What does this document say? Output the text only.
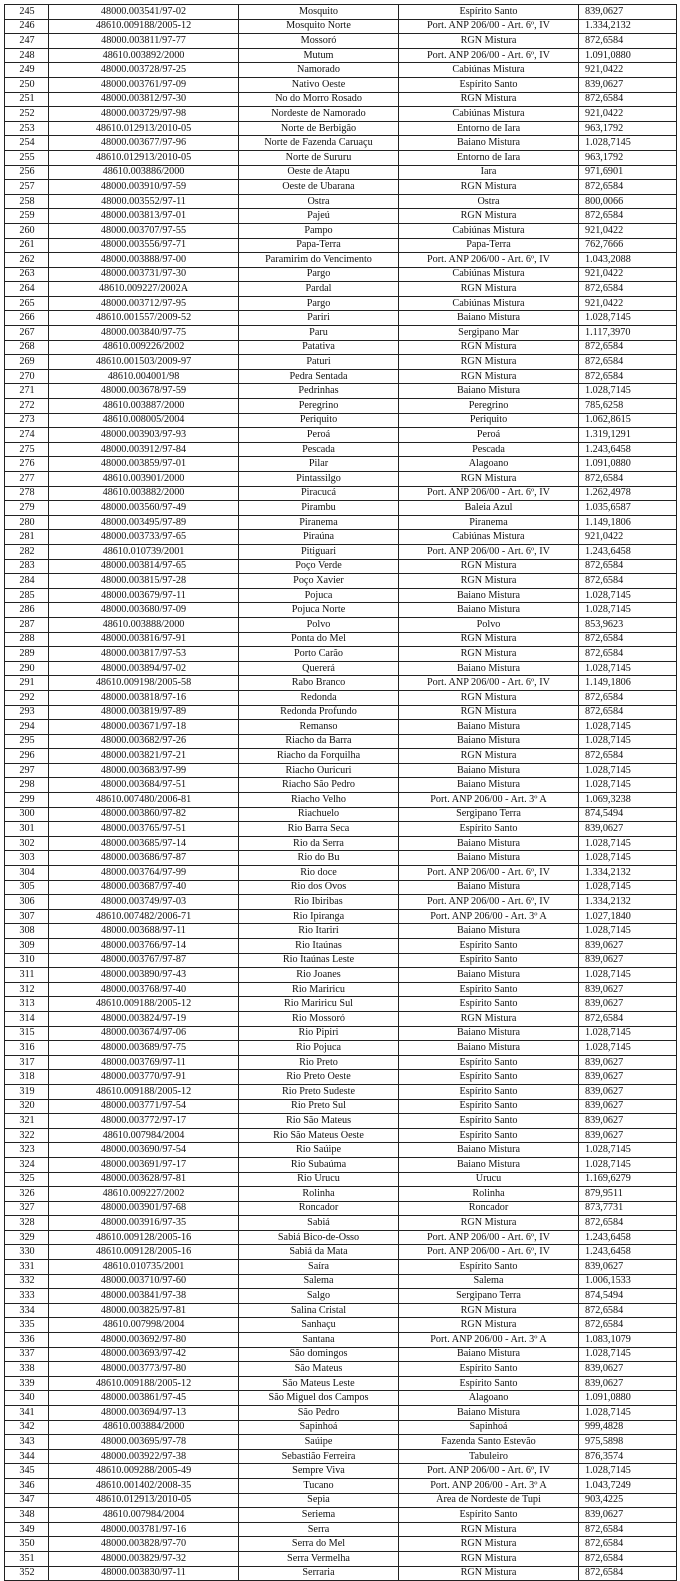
245	48000.003541/97-02	Mosquito	Espírito Santo	839,0627
246	48610.009188/2005-12	Mosquito Norte	Port. ANP 206/00 - Art. 6º, IV	1.334,2132
247	48000.003811/97-77	Mossoró	RGN Mistura	872,6584
248	48610.003892/2000	Mutum	Port. ANP 206/00 - Art. 6º, IV	1.091,0880
249	48000.003728/97-25	Namorado	Cabiúnas Mistura	921,0422
250	48000.003761/97-09	Nativo Oeste	Espírito Santo	839,0627
251	48000.003812/97-30	No do Morro Rosado	RGN Mistura	872,6584
252	48000.003729/97-98	Nordeste de Namorado	Cabiúnas Mistura	921,0422
253	48610.012913/2010-05	Norte de Berbigão	Entorno de Iara	963,1792
254	48000.003677/97-96	Norte de Fazenda Caruaçu	Baiano Mistura	1.028,7145
255	48610.012913/2010-05	Norte de Sururu	Entorno de Iara	963,1792
256	48610.003886/2000	Oeste de Atapu	Iara	971,6901
257	48000.003910/97-59	Oeste de Ubarana	RGN Mistura	872,6584
258	48000.003552/97-11	Ostra	Ostra	800,0066
259	48000.003813/97-01	Pajeú	RGN Mistura	872,6584
260	48000.003707/97-55	Pampo	Cabiúnas Mistura	921,0422
261	48000.003556/97-71	Papa-Terra	Papa-Terra	762,7666
262	48000.003888/97-00	Paramirim do Vencimento	Port. ANP 206/00 - Art. 6º, IV	1.043,2088
263	48000.003731/97-30	Pargo	Cabiúnas Mistura	921,0422
264	48610.009227/2002A	Pardal	RGN Mistura	872,6584
265	48000.003712/97-95	Pargo	Cabiúnas Mistura	921,0422
266	48610.001557/2009-52	Pariri	Baiano Mistura	1.028,7145
267	48000.003840/97-75	Paru	Sergipano Mar	1.117,3970
268	48610.009226/2002	Patativa	RGN Mistura	872,6584
269	48610.001503/2009-97	Paturi	RGN Mistura	872,6584
270	48610.004001/98	Pedra Sentada	RGN Mistura	872,6584
271	48000.003678/97-59	Pedrinhas	Baiano Mistura	1.028,7145
272	48610.003887/2000	Peregrino	Peregrino	785,6258
273	48610.008005/2004	Periquito	Periquito	1.062,8615
274	48000.003903/97-93	Peroá	Peroá	1.319,1291
275	48000.003912/97-84	Pescada	Pescada	1.243,6458
276	48000.003859/97-01	Pilar	Alagoano	1.091,0880
277	48610.003901/2000	Pintassilgo	RGN Mistura	872,6584
278	48610.003882/2000	Piracucá	Port. ANP 206/00 - Art. 6º, IV	1.262,4978
279	48000.003560/97-49	Pirambu	Baleia Azul	1.035,6587
280	48000.003495/97-89	Piranema	Piranema	1.149,1806
281	48000.003733/97-65	Piraúna	Cabiúnas Mistura	921,0422
282	48610.010739/2001	Pitiguari	Port. ANP 206/00 - Art. 6º, IV	1.243,6458
283	48000.003814/97-65	Poço Verde	RGN Mistura	872,6584
284	48000.003815/97-28	Poço Xavier	RGN Mistura	872,6584
285	48000.003679/97-11	Pojuca	Baiano Mistura	1.028,7145
286	48000.003680/97-09	Pojuca Norte	Baiano Mistura	1.028,7145
287	48610.003888/2000	Polvo	Polvo	853,9623
288	48000.003816/97-91	Ponta do Mel	RGN Mistura	872,6584
289	48000.003817/97-53	Porto Carão	RGN Mistura	872,6584
290	48000.003894/97-02	Quererá	Baiano Mistura	1.028,7145
291	48610.009198/2005-58	Rabo Branco	Port. ANP 206/00 - Art. 6º, IV	1.149,1806
292	48000.003818/97-16	Redonda	RGN Mistura	872,6584
293	48000.003819/97-89	Redonda Profundo	RGN Mistura	872,6584
294	48000.003671/97-18	Remanso	Baiano Mistura	1.028,7145
295	48000.003682/97-26	Riacho da Barra	Baiano Mistura	1.028,7145
296	48000.003821/97-21	Riacho da Forquilha	RGN Mistura	872,6584
297	48000.003683/97-99	Riacho Ouricuri	Baiano Mistura	1.028,7145
298	48000.003684/97-51	Riacho São Pedro	Baiano Mistura	1.028,7145
299	48610.007480/2006-81	Riacho Velho	Port. ANP 206/00 - Art. 3º A	1.069,3238
300	48000.003860/97-82	Riachuelo	Sergipano Terra	874,5494
301	48000.003765/97-51	Rio Barra Seca	Espírito Santo	839,0627
302	48000.003685/97-14	Rio da Serra	Baiano Mistura	1.028,7145
303	48000.003686/97-87	Rio do Bu	Baiano Mistura	1.028,7145
304	48000.003764/97-99	Rio doce	Port. ANP 206/00 - Art. 6º, IV	1.334,2132
305	48000.003687/97-40	Rio dos Ovos	Baiano Mistura	1.028,7145
306	48000.003749/97-03	Rio Ibiribas	Port. ANP 206/00 - Art. 6º, IV	1.334,2132
307	48610.007482/2006-71	Rio Ipiranga	Port. ANP 206/00 - Art. 3º A	1.027,1840
308	48000.003688/97-11	Rio Itariri	Baiano Mistura	1.028,7145
309	48000.003766/97-14	Rio Itaúnas	Espírito Santo	839,0627
310	48000.003767/97-87	Rio Itaúnas Leste	Espírito Santo	839,0627
311	48000.003890/97-43	Rio Joanes	Baiano Mistura	1.028,7145
312	48000.003768/97-40	Rio Mariricu	Espírito Santo	839,0627
313	48610.009188/2005-12	Rio Mariricu Sul	Espírito Santo	839,0627
314	48000.003824/97-19	Rio Mossoró	RGN Mistura	872,6584
315	48000.003674/97-06	Rio Pipiri	Baiano Mistura	1.028,7145
316	48000.003689/97-75	Rio Pojuca	Baiano Mistura	1.028,7145
317	48000.003769/97-11	Rio Preto	Espírito Santo	839,0627
318	48000.003770/97-91	Rio Preto Oeste	Espírito Santo	839,0627
319	48610.009188/2005-12	Rio Preto Sudeste	Espírito Santo	839,0627
320	48000.003771/97-54	Rio Preto Sul	Espírito Santo	839,0627
321	48000.003772/97-17	Rio São Mateus	Espírito Santo	839,0627
322	48610.007984/2004	Rio São Mateus Oeste	Espírito Santo	839,0627
323	48000.003690/97-54	Rio Saúipe	Baiano Mistura	1.028,7145
324	48000.003691/97-17	Rio Subaúma	Baiano Mistura	1.028,7145
325	48000.003628/97-81	Rio Urucu	Urucu	1.169,6279
326	48610.009227/2002	Rolinha	Rolinha	879,9511
327	48000.003901/97-68	Roncador	Roncador	873,7731
328	48000.003916/97-35	Sabiá	RGN Mistura	872,6584
329	48610.009128/2005-16	Sabiá Bico-de-Osso	Port. ANP 206/00 - Art. 6º, IV	1.243,6458
330	48610.009128/2005-16	Sabiá da Mata	Port. ANP 206/00 - Art. 6º, IV	1.243,6458
331	48610.010735/2001	Saíra	Espírito Santo	839,0627
332	48000.003710/97-60	Salema	Salema	1.006,1533
333	48000.003841/97-38	Salgo	Sergipano Terra	874,5494
334	48000.003825/97-81	Salina Cristal	RGN Mistura	872,6584
335	48610.007998/2004	Sanhaçu	RGN Mistura	872,6584
336	48000.003692/97-80	Santana	Port. ANP 206/00 - Art. 3º A	1.083,1079
337	48000.003693/97-42	São domingos	Baiano Mistura	1.028,7145
338	48000.003773/97-80	São Mateus	Espírito Santo	839,0627
339	48610.009188/2005-12	São Mateus Leste	Espírito Santo	839,0627
340	48000.003861/97-45	São Miguel dos Campos	Alagoano	1.091,0880
341	48000.003694/97-13	São Pedro	Baiano Mistura	1.028,7145
342	48610.003884/2000	Sapinhoá	Sapinhoá	999,4828
343	48000.003695/97-78	Saúipe	Fazenda Santo Estevão	975,5898
344	48000.003922/97-38	Sebastião Ferreira	Tabuleiro	876,3574
345	48610.009288/2005-49	Sempre Viva	Port. ANP 206/00 - Art. 6º, IV	1.028,7145
346	48610.001402/2008-35	Tucano	Port. ANP 206/00 - Art. 3º A	1.043,7249
347	48610.012913/2010-05	Sepia	Área de Nordeste de Tupi	903,4225
348	48610.007984/2004	Seriema	Espírito Santo	839,0627
349	48000.003781/97-16	Serra	RGN Mistura	872,6584
350	48000.003828/97-70	Serra do Mel	RGN Mistura	872,6584
351	48000.003829/97-32	Serra Vermelha	RGN Mistura	872,6584
352	48000.003830/97-11	Serraria	RGN Mistura	872,6584
